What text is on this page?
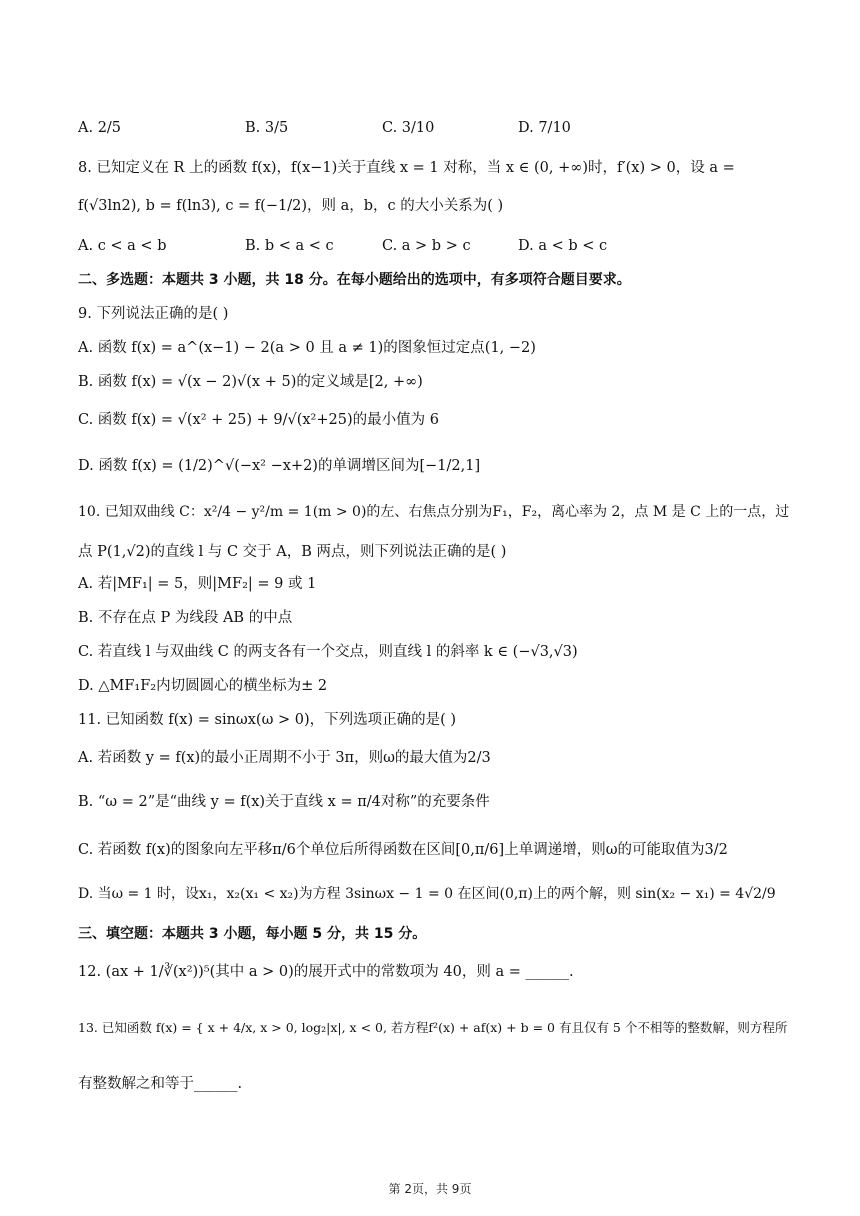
A. 2/5	B. 3/5	C. 3/10	D. 7/10
8. 已知定义在 R 上的函数 f(x)，f(x−1)关于直线 x = 1 对称，当 x ∈ (0, +∞)时，f′(x) > 0，设 a =
f(√3ln2), b = f(ln3), c = f(−1/2)，则 a，b，c 的大小关系为( )
A. c < a < b	B. b < a < c	C. a > b > c	D. a < b < c
二、多选题：本题共 3 小题，共 18 分。在每小题给出的选项中，有多项符合题目要求。
9. 下列说法正确的是( )
A. 函数 f(x) = a^(x−1) − 2(a > 0 且 a ≠ 1)的图象恒过定点(1, −2)
B. 函数 f(x) = √(x − 2)√(x + 5)的定义域是[2, +∞)
C. 函数 f(x) = √(x² + 25) + 9/√(x²+25)的最小值为 6
D. 函数 f(x) = (1/2)^√(−x² −x+2)的单调增区间为[−1/2,1]
10. 已知双曲线 C：x²/4 − y²/m = 1(m > 0)的左、右焦点分别为F₁，F₂，离心率为 2，点 M 是 C 上的一点，过
点 P(1,√2)的直线 l 与 C 交于 A，B 两点，则下列说法正确的是( )
A. 若|MF₁| = 5，则|MF₂| = 9 或 1
B. 不存在点 P 为线段 AB 的中点
C. 若直线 l 与双曲线 C 的两支各有一个交点，则直线 l 的斜率 k ∈ (−√3,√3)
D. △MF₁F₂内切圆圆心的横坐标为± 2
11. 已知函数 f(x) = sinωx(ω > 0)，下列选项正确的是( )
A. 若函数 y = f(x)的最小正周期不小于 3π，则ω的最大值为2/3
B. “ω = 2”是“曲线 y = f(x)关于直线 x = π/4对称”的充要条件
C. 若函数 f(x)的图象向左平移π/6个单位后所得函数在区间[0,π/6]上单调递增，则ω的可能取值为3/2
D. 当ω = 1 时，设x₁，x₂(x₁ < x₂)为方程 3sinωx − 1 = 0 在区间(0,π)上的两个解，则 sin(x₂ − x₁) = 4√2/9
三、填空题：本题共 3 小题，每小题 5 分，共 15 分。
12. (ax + 1/∛(x²))⁵(其中 a > 0)的展开式中的常数项为 40，则 a = ______.
13. 已知函数 f(x) = { x + 4/x, x > 0, log₂|x|, x < 0, 若方程f²(x) + af(x) + b = 0 有且仅有 5 个不相等的整数解，则方程所
有整数解之和等于______.
第 2页，共 9页
